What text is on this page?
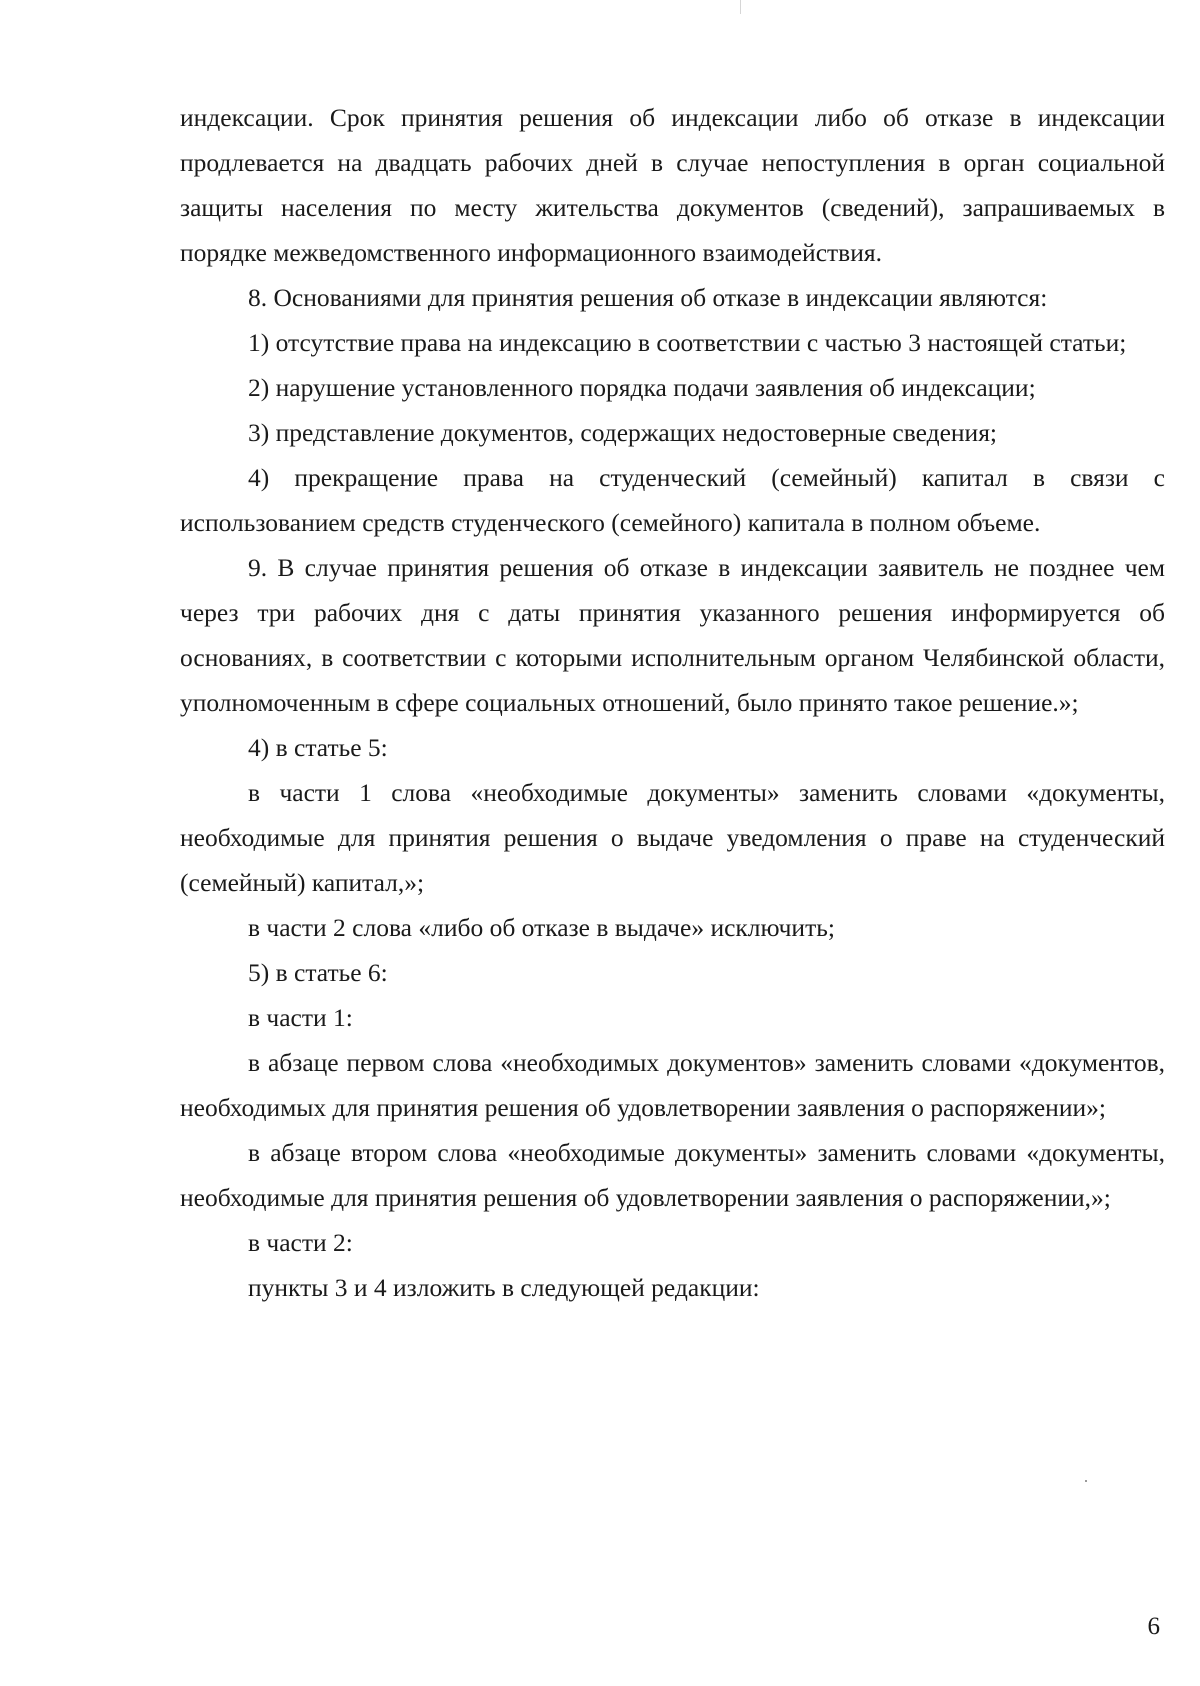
индексации. Срок принятия решения об индексации либо об отказе в индексации продлевается на двадцать рабочих дней в случае непоступления в орган социальной защиты населения по месту жительства документов (сведений), запрашиваемых в порядке межведомственного информационного взаимодействия.

8. Основаниями для принятия решения об отказе в индексации являются:

1) отсутствие права на индексацию в соответствии с частью 3 настоящей статьи;

2) нарушение установленного порядка подачи заявления об индексации;

3) представление документов, содержащих недостоверные сведения;

4) прекращение права на студенческий (семейный) капитал в связи с использованием средств студенческого (семейного) капитала в полном объеме.

9. В случае принятия решения об отказе в индексации заявитель не позднее чем через три рабочих дня с даты принятия указанного решения информируется об основаниях, в соответствии с которыми исполнительным органом Челябинской области, уполномоченным в сфере социальных отношений, было принято такое решение.»;

4) в статье 5:

в части 1 слова «необходимые документы» заменить словами «документы, необходимые для принятия решения о выдаче уведомления о праве на студенческий (семейный) капитал,»;

в части 2 слова «либо об отказе в выдаче» исключить;

5) в статье 6:

в части 1:

в абзаце первом слова «необходимых документов» заменить словами «документов, необходимых для принятия решения об удовлетворении заявления о распоряжении»;

в абзаце втором слова «необходимые документы» заменить словами «документы, необходимые для принятия решения об удовлетворении заявления о распоряжении,»;

в части 2:

пункты 3 и 4 изложить в следующей редакции:

6
